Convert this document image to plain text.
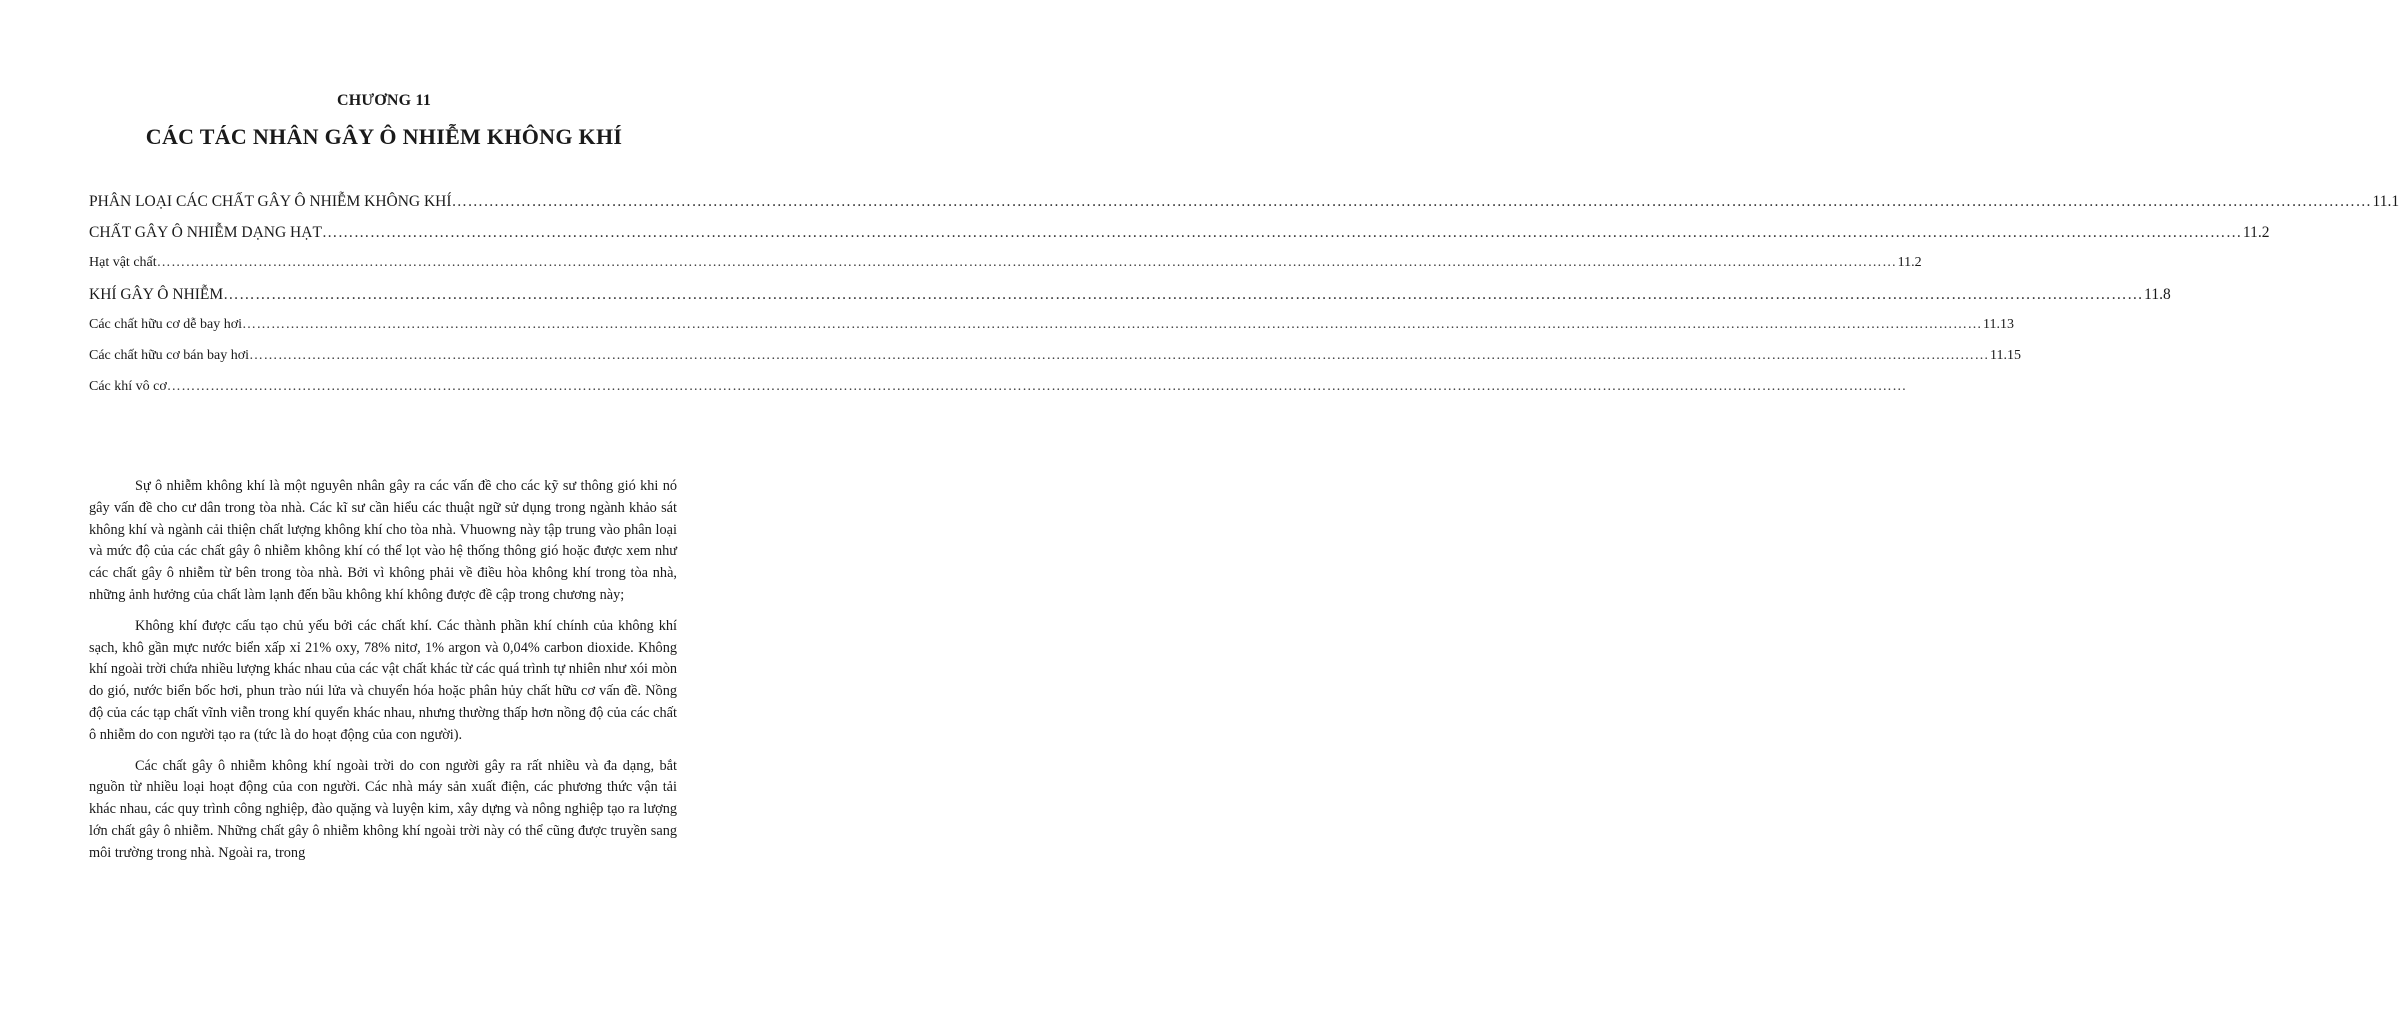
CHƯƠNG 11
CÁC TÁC NHÂN GÂY Ô NHIỄM KHÔNG KHÍ
PHÂN LOẠI CÁC CHẤT GÂY Ô NHIỄM KHÔNG KHÍ ……………………………………………………………………………………………………………………………………………………………………………………………………………………………………………………………………………………………………………………………… 11.1
CHẤT GÂY Ô NHIỄM DẠNG HẠT ……………………………………………………………………………………………………………………………………………………………………………………………………………………………………………………………………………………………………………………………… 11.2
Hạt vật chất ……………………………………………………………………………………………………………………………………………………………………………………………………………………………………………………………………………………………………………………………… 11.2
KHÍ GÂY Ô NHIỄM ……………………………………………………………………………………………………………………………………………………………………………………………………………………………………………………………………………………………………………………………… 11.8
Các chất hữu cơ dễ bay hơi ……………………………………………………………………………………………………………………………………………………………………………………………………………………………………………………………………………………………………………………………… 11.13
Các chất hữu cơ bán bay hơi ……………………………………………………………………………………………………………………………………………………………………………………………………………………………………………………………………………………………………………………………… 11.15
Các khí vô cơ ………………………………………………………………………………………………………………………………………………………………………………………………………………………………………………………………………………………………………………………………

Sự ô nhiễm không khí là một nguyên nhân gây ra các vấn đề cho các kỹ sư thông gió khi nó gây vấn đề cho cư dân trong tòa nhà. Các kĩ sư cần hiểu các thuật ngữ sử dụng trong ngành khảo sát không khí và ngành cải thiện chất lượng không khí cho tòa nhà. Vhuowng này tập trung vào phân loại và mức độ của các chất gây ô nhiễm không khí có thể lọt vào hệ thống thông gió hoặc được xem như các chất gây ô nhiễm từ bên trong tòa nhà. Bởi vì không phải về điều hòa không khí trong tòa nhà, những ảnh hưởng của chất làm lạnh đến bầu không khí không được đề cập trong chương này;

Không khí được cấu tạo chủ yếu bởi các chất khí. Các thành phần khí chính của không khí sạch, khô gần mực nước biển xấp xỉ 21% oxy, 78% nitơ, 1% argon và 0,04% carbon dioxide. Không khí ngoài trời chứa nhiều lượng khác nhau của các vật chất khác từ các quá trình tự nhiên như xói mòn do gió, nước biển bốc hơi, phun trào núi lửa và chuyển hóa hoặc phân hủy chất hữu cơ vấn đề. Nồng độ của các tạp chất vĩnh viễn trong khí quyển khác nhau, nhưng thường thấp hơn nồng độ của các chất ô nhiễm do con người tạo ra (tức là do hoạt động của con người).

Các chất gây ô nhiễm không khí ngoài trời do con người gây ra rất nhiều và đa dạng, bắt nguồn từ nhiều loại hoạt động của con người. Các nhà máy sản xuất điện, các phương thức vận tải khác nhau, các quy trình công nghiệp, đào quặng và luyện kim, xây dựng và nông nghiệp tạo ra lượng lớn chất gây ô nhiễm. Những chất gây ô nhiễm không khí ngoài trời này có thể cũng được truyền sang môi trường trong nhà. Ngoài ra, trong
